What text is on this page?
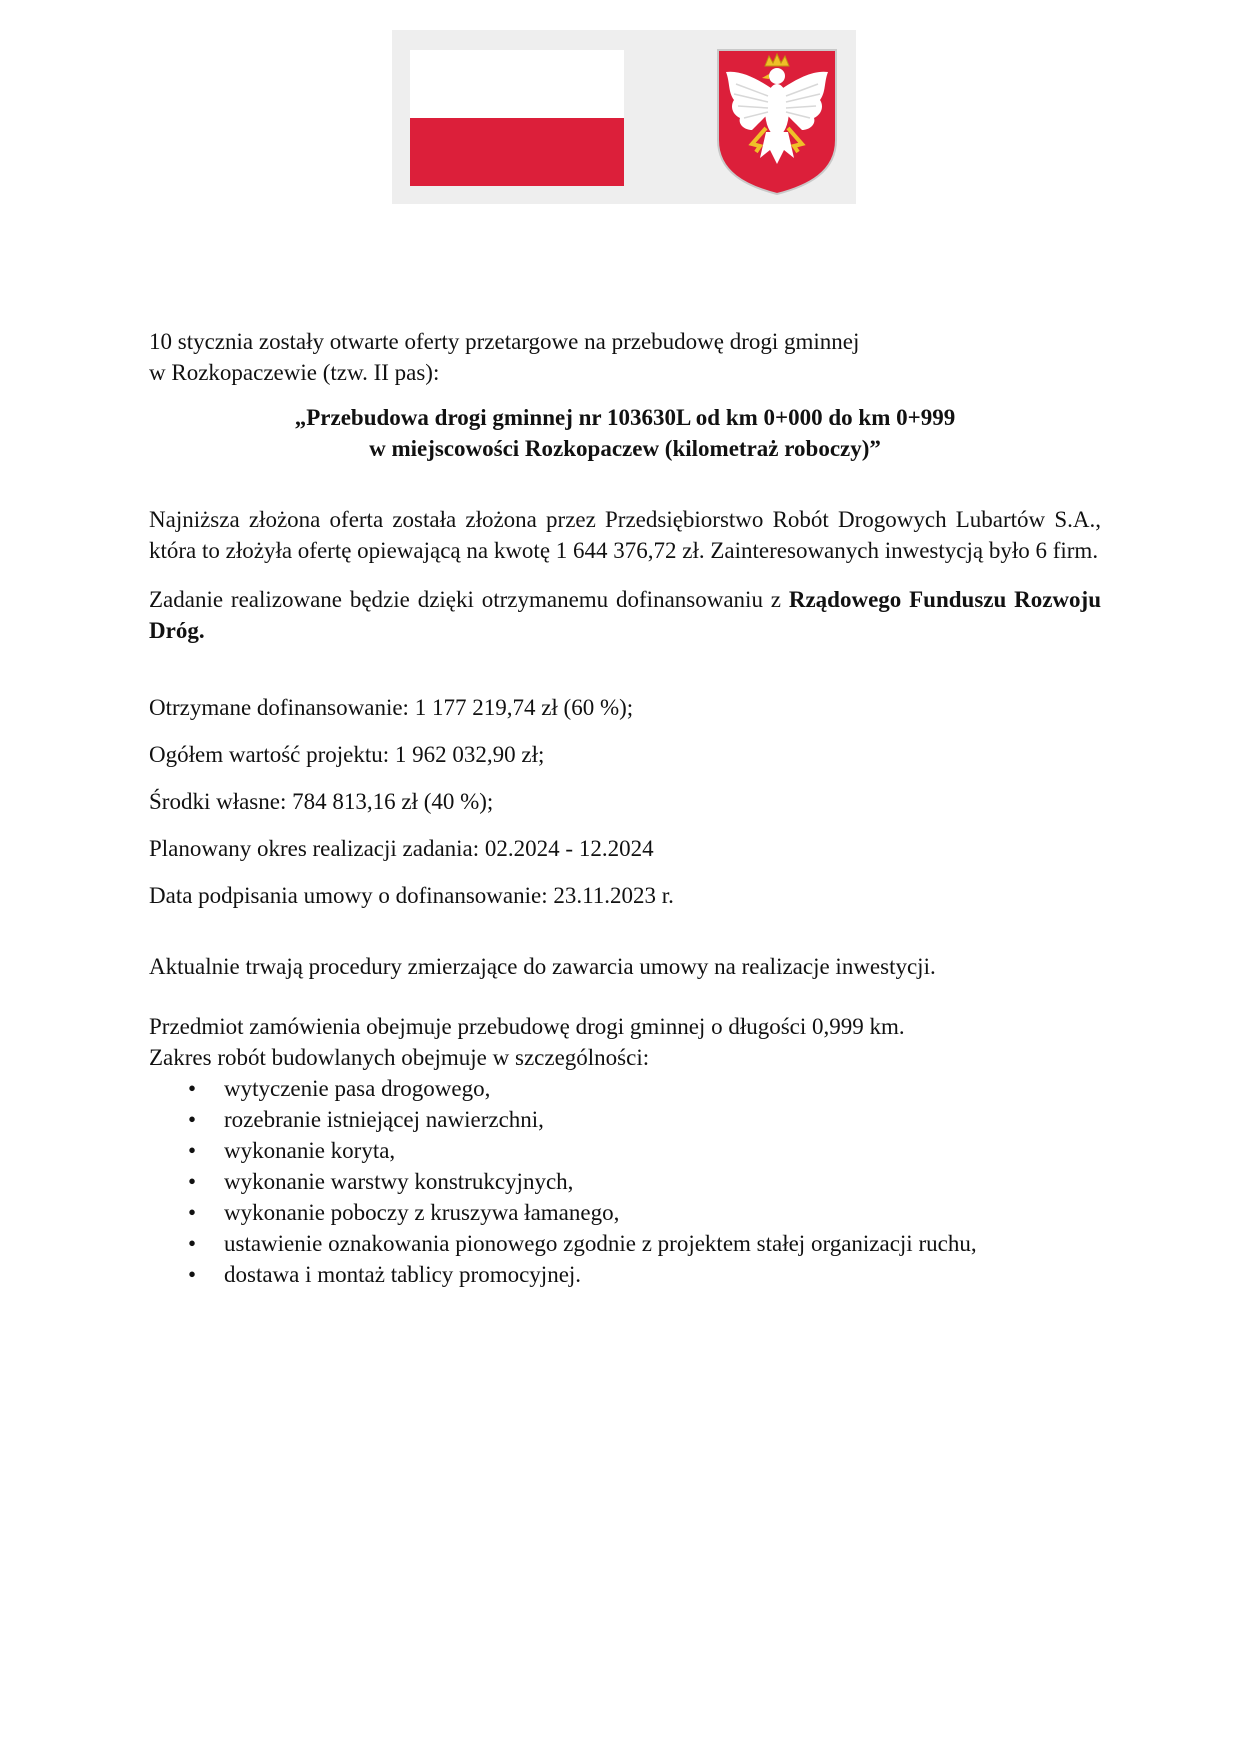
10 stycznia zostały otwarte oferty przetargowe na przebudowę drogi gminnej
w Rozkopaczewie (tzw. II pas):

„Przebudowa drogi gminnej nr 103630L od km 0+000 do km 0+999
w miejscowości Rozkopaczew (kilometraż roboczy)”

Najniższa złożona oferta została złożona przez Przedsiębiorstwo Robót Drogowych Lubartów S.A., która to złożyła ofertę opiewającą na kwotę 1 644 376,72 zł. Zainteresowanych inwestycją było 6 firm.

Zadanie realizowane będzie dzięki otrzymanemu dofinansowaniu z Rządowego Funduszu Rozwoju Dróg.

Otrzymane dofinansowanie: 1 177 219,74 zł (60 %);

Ogółem wartość projektu: 1 962 032,90 zł;

Środki własne: 784 813,16 zł (40 %);

Planowany okres realizacji zadania: 02.2024 - 12.2024

Data podpisania umowy o dofinansowanie: 23.11.2023 r.

Aktualnie trwają procedury zmierzające do zawarcia umowy na realizacje inwestycji.

Przedmiot zamówienia obejmuje przebudowę drogi gminnej o długości 0,999 km.

Zakres robót budowlanych obejmuje w szczególności:

• wytyczenie pasa drogowego,
• rozebranie istniejącej nawierzchni,
• wykonanie koryta,
• wykonanie warstwy konstrukcyjnych,
• wykonanie poboczy z kruszywa łamanego,
• ustawienie oznakowania pionowego zgodnie z projektem stałej organizacji ruchu,
• dostawa i montaż tablicy promocyjnej.
